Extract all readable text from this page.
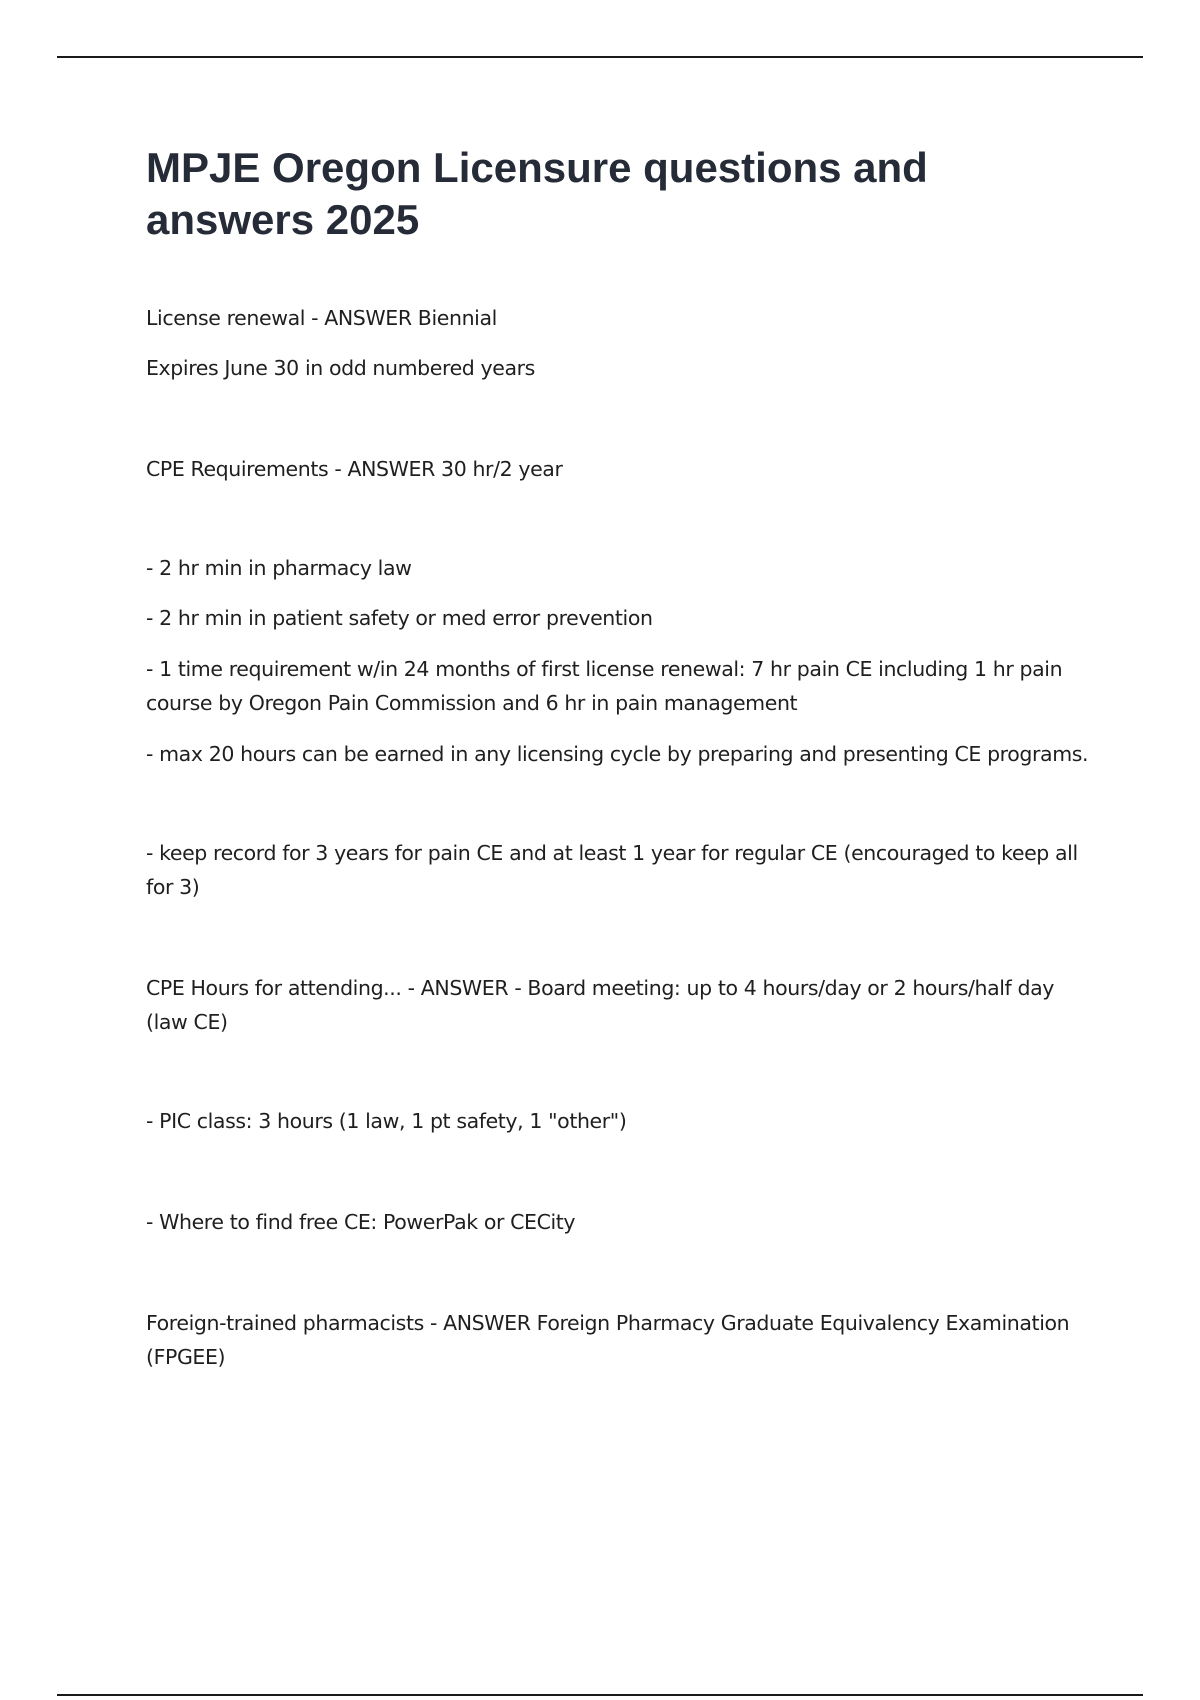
MPJE Oregon Licensure questions and answers 2025

License renewal - ANSWER Biennial

Expires June 30 in odd numbered years

CPE Requirements - ANSWER 30 hr/2 year

- 2 hr min in pharmacy law

- 2 hr min in patient safety or med error prevention

- 1 time requirement w/in 24 months of first license renewal: 7 hr pain CE including 1 hr pain course by Oregon Pain Commission and 6 hr in pain management

- max 20 hours can be earned in any licensing cycle by preparing and presenting CE programs.

- keep record for 3 years for pain CE and at least 1 year for regular CE (encouraged to keep all for 3)

CPE Hours for attending... - ANSWER - Board meeting: up to 4 hours/day or 2 hours/half day (law CE)

- PIC class: 3 hours (1 law, 1 pt safety, 1 "other")

- Where to find free CE: PowerPak or CECity

Foreign-trained pharmacists - ANSWER Foreign Pharmacy Graduate Equivalency Examination (FPGEE)
